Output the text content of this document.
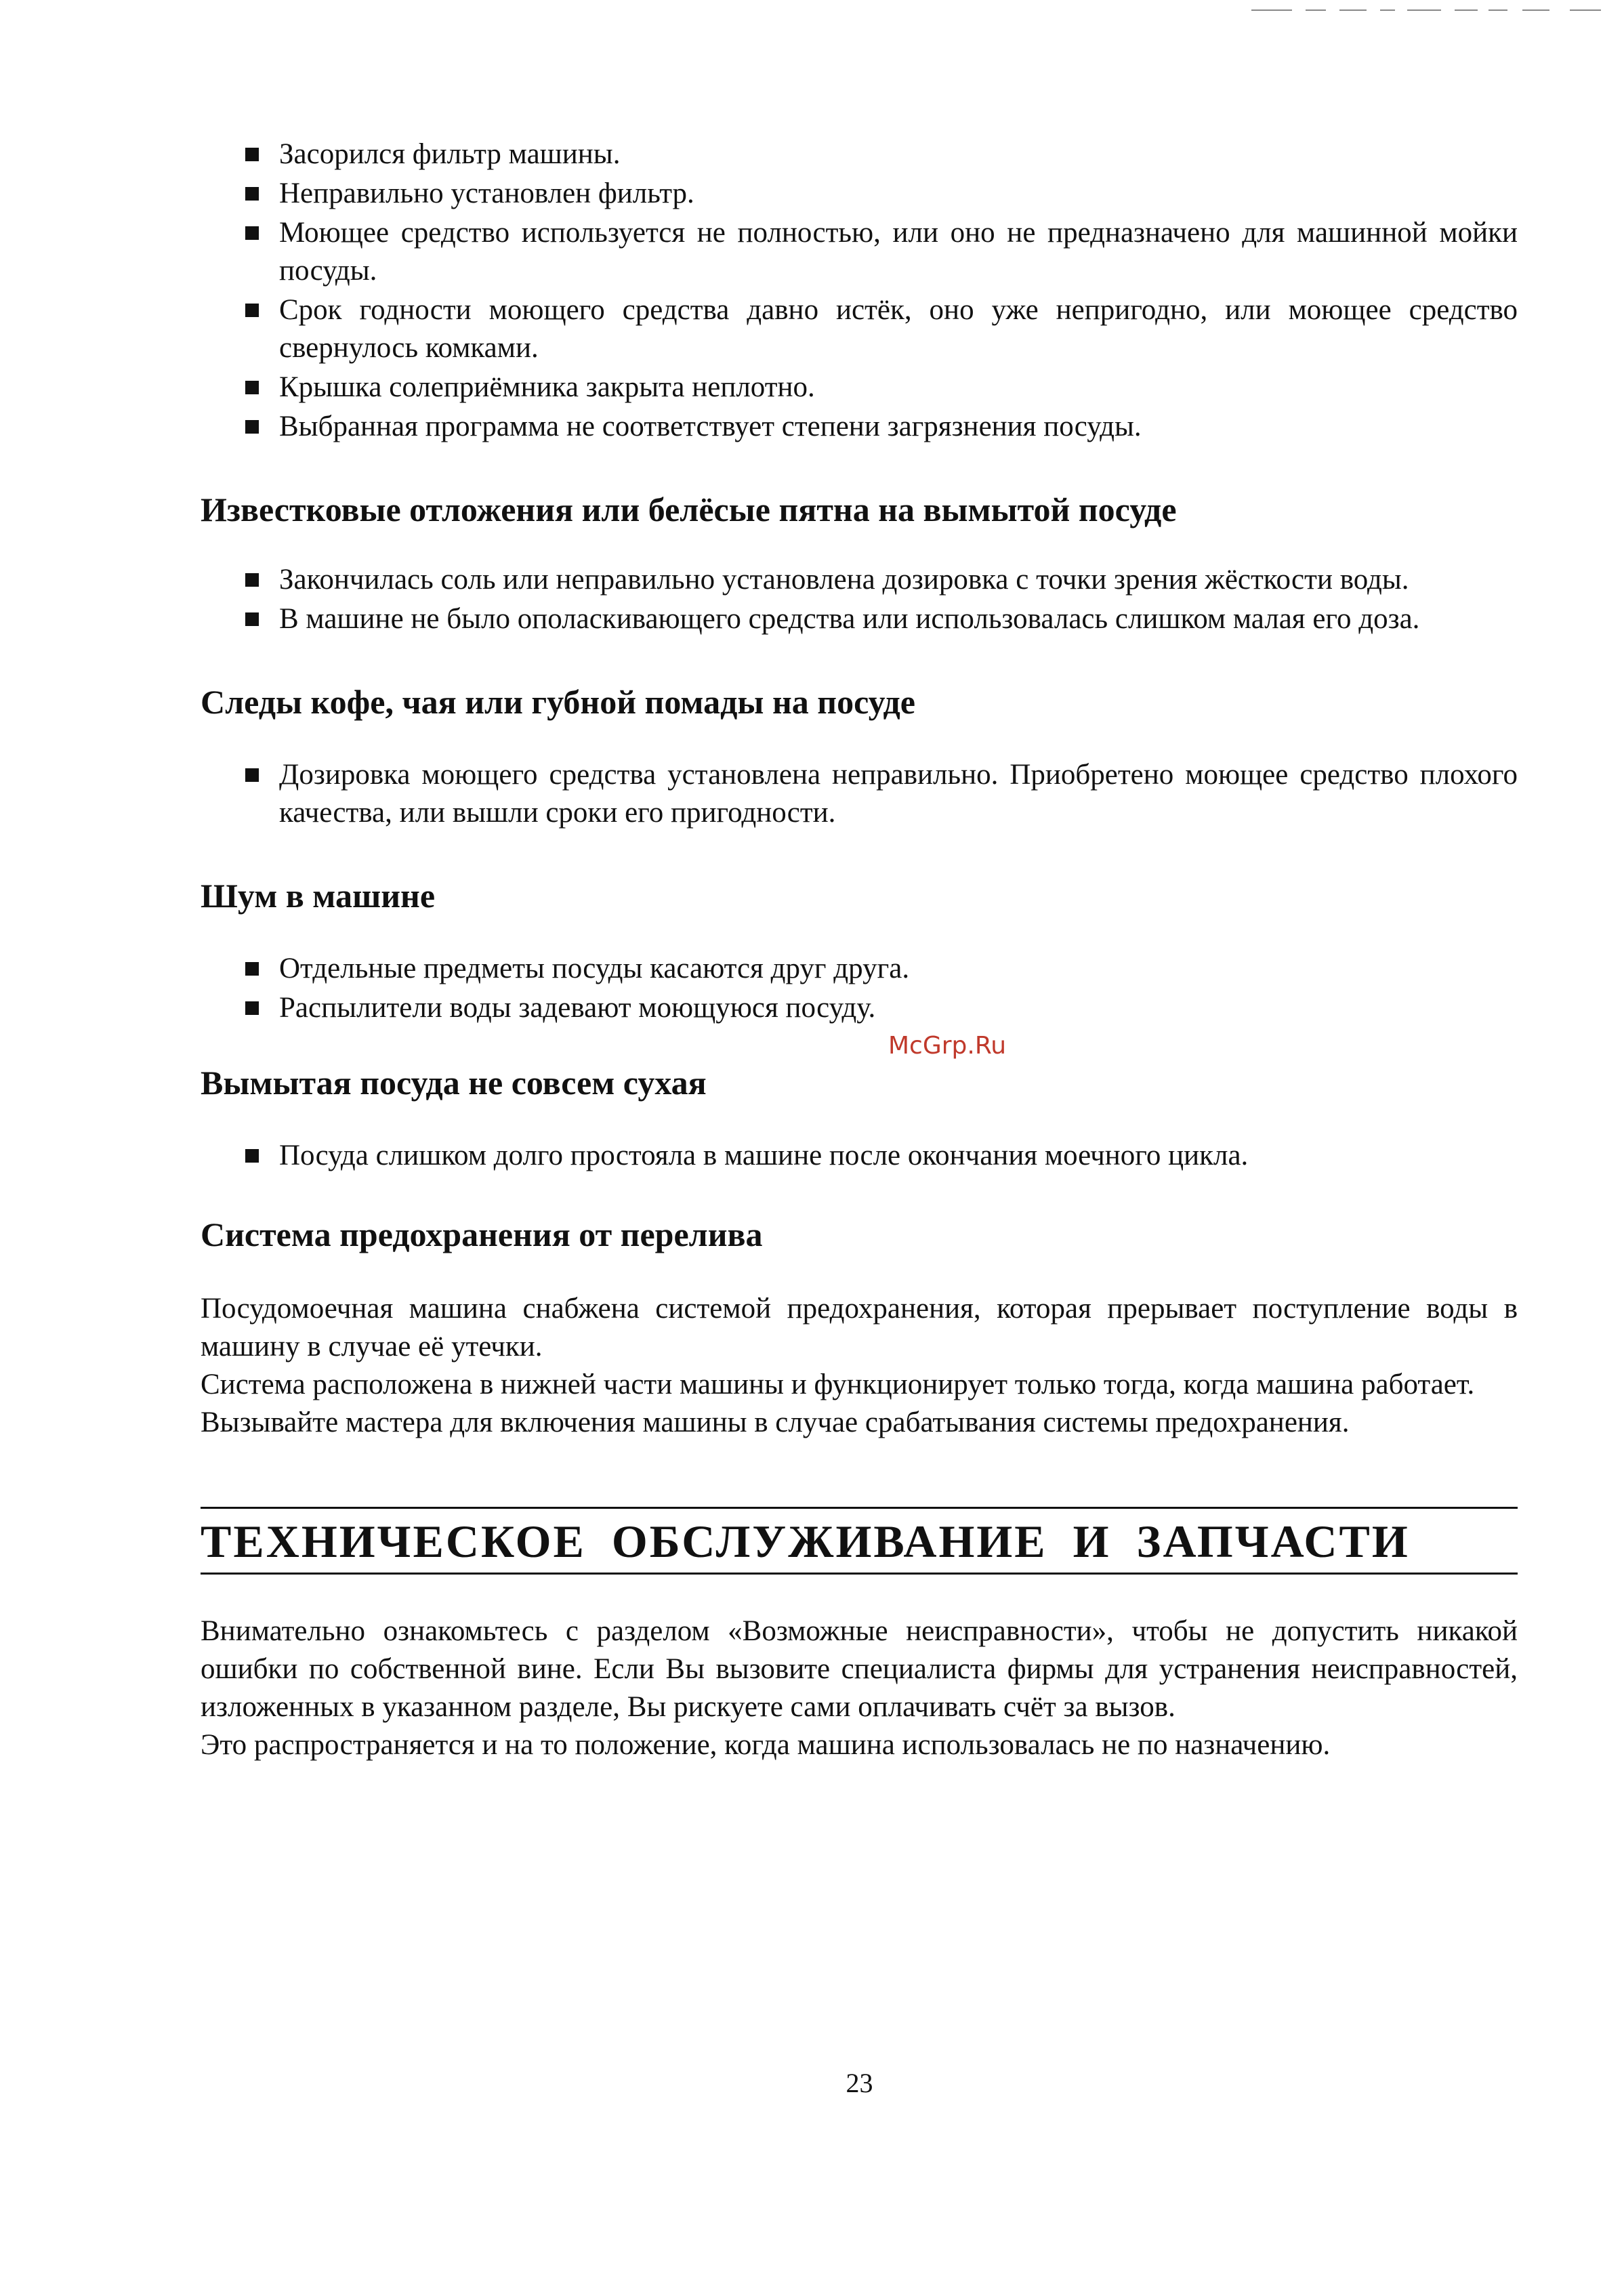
Засорился фильтр машины.
Неправильно установлен фильтр.
Моющее средство используется не полностью, или оно не предназначено для машинной мойки посуды.
Срок годности моющего средства давно истёк, оно уже непригодно, или моющее средство свернулось комками.
Крышка солеприёмника закрыта неплотно.
Выбранная программа не соответствует степени загрязнения посуды.
Известковые отложения или белёсые пятна на вымытой посуде
Закончилась соль или неправильно установлена дозировка с точки зрения жёсткости воды.
В машине не было ополаскивающего средства или использовалась слишком малая его доза.
Следы кофе, чая или губной помады на посуде
Дозировка моющего средства установлена неправильно. Приобретено моющее средство плохого качества, или вышли сроки его пригодности.
Шум в машине
Отдельные предметы посуды касаются друг друга.
Распылители воды задевают моющуюся посуду.
McGrp.Ru
Вымытая посуда не совсем сухая
Посуда слишком долго простояла в машине после окончания моечного цикла.
Система предохранения от перелива

Посудомоечная машина снабжена системой предохранения, которая прерывает поступление воды в машину в случае её утечки.

Система расположена в нижней части машины и функционирует только тогда, когда машина работает.

Вызывайте мастера для включения машины в случае срабатывания системы предохранения.

ТЕХНИЧЕСКОЕ ОБСЛУЖИВАНИЕ И ЗАПЧАСТИ

Внимательно ознакомьтесь с разделом «Возможные неисправности», чтобы не допустить никакой ошибки по собственной вине. Если Вы вызовите специалиста фирмы для устранения неисправностей, изложенных в указанном разделе, Вы рискуете сами оплачивать счёт за вызов.

Это распространяется и на то положение, когда машина использовалась не по назначению.

23
